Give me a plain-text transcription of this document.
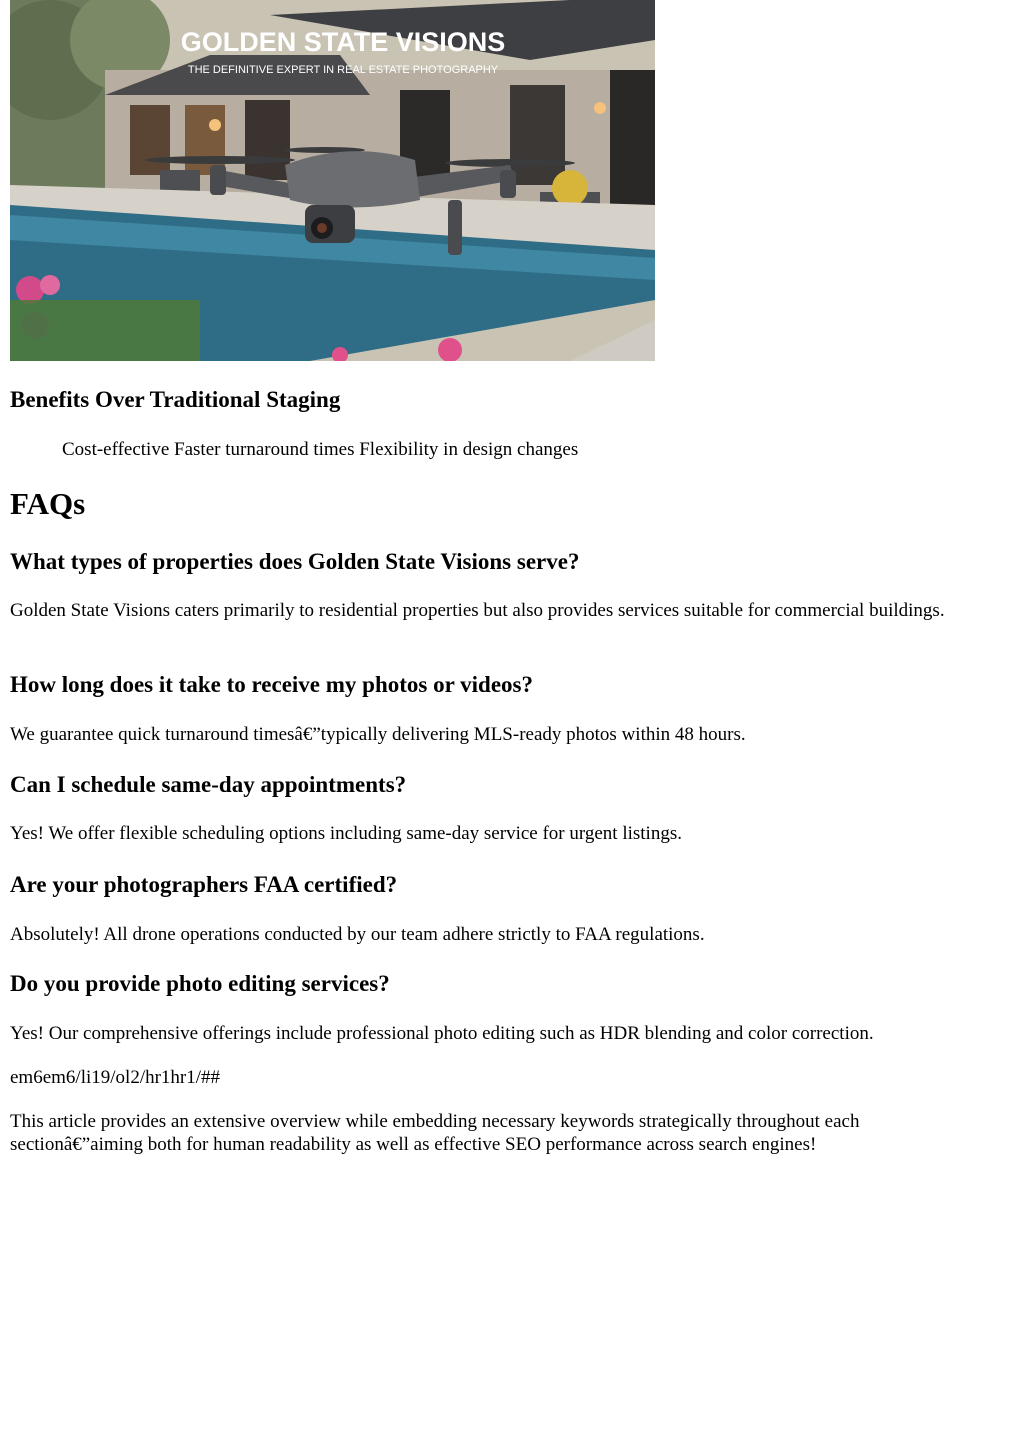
GOLDEN STATE VISIONS
THE DEFINITIVE EXPERT IN REAL ESTATE PHOTOGRAPHY
Benefits Over Traditional Staging

Cost-effective Faster turnaround times Flexibility in design changes

FAQs
What types of properties does Golden State Visions serve?

Golden State Visions caters primarily to residential properties but also provides services suitable for commercial buildings.

How long does it take to receive my photos or videos?

We guarantee quick turnaround timesâ€”typically delivering MLS-ready photos within 48 hours.

Can I schedule same-day appointments?

Yes! We offer flexible scheduling options including same-day service for urgent listings.

Are your photographers FAA certified?

Absolutely! All drone operations conducted by our team adhere strictly to FAA regulations.

Do you provide photo editing services?

Yes! Our comprehensive offerings include professional photo editing such as HDR blending and color correction.

em6em6/li19/ol2/hr1hr1/##

This article provides an extensive overview while embedding necessary keywords strategically throughout each sectionâ€”aiming both for human readability as well as effective SEO performance across search engines!
